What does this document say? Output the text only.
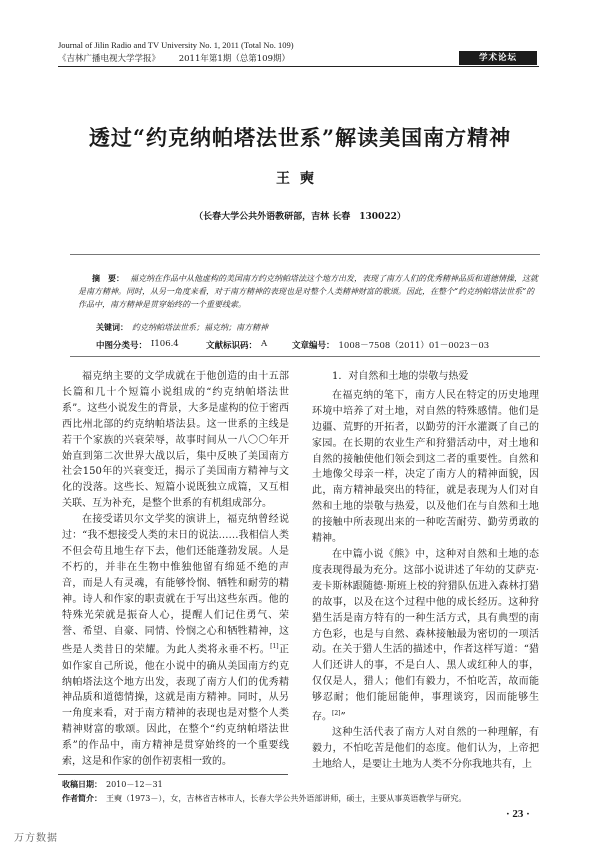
Journal of Jilin Radio and TV University No. 1, 2011 (Total No. 109)
《吉林广播电视大学学报》 2011年第1期（总第109期）	学术论坛
透过“约克纳帕塔法世系”解读美国南方精神
王奭
（长春大学公共外语教研部，吉林 长春　130022）

摘　要： 福克纳在作品中从他虚构的美国南方约克纳帕塔法这个地方出发，表现了南方人们的优秀精神品质和道德情操，这就是南方精神。同时，从另一角度来看，对于南方精神的表现也是对整个人类精神财富的歌颂。因此，在整个“约克纳帕塔法世系”的作品中，南方精神是贯穿始终的一个重要线索。

关键词： 约克纳帕塔法世系；福克纳；南方精神
中图分类号： I106.4	文献标识码： A	文章编号： 1008－7508（2011）01－0023－03

福克纳主要的文学成就在于他创造的由十五部长篇和几十个短篇小说组成的“约克纳帕塔法世系”。这些小说发生的背景，大多是虚构的位于密西西比州北部的约克纳帕塔法县。这一世系的主线是若干个家族的兴衰荣辱，故事时间从一八〇〇年开始直到第二次世界大战以后，集中反映了美国南方社会150年的兴衰变迁，揭示了美国南方精神与文化的没落。这些长、短篇小说既独立成篇，又互相关联、互为补充，是整个世系的有机组成部分。

在接受诺贝尔文学奖的演讲上，福克纳曾经说过：“我不想接受人类的末日的说法……我相信人类不但会苟且地生存下去，他们还能蓬勃发展。人是不朽的，并非在生物中惟独他留有绵延不绝的声音，而是人有灵魂，有能够怜悯、牺牲和耐劳的精神。诗人和作家的职责就在于写出这些东西。他的特殊光荣就是振奋人心，提醒人们记住勇气、荣誉、希望、自豪、同情、怜悯之心和牺牲精神，这些是人类昔日的荣耀。为此人类将永垂不朽。[1]正如作家自己所说，他在小说中的确从美国南方约克纳帕塔法这个地方出发，表现了南方人们的优秀精神品质和道德情操，这就是南方精神。同时，从另一角度来看，对于南方精神的表现也是对整个人类精神财富的歌颂。因此，在整个“约克纳帕塔法世系”的作品中，南方精神是贯穿始终的一个重要线索，这是和作家的创作初衷相一致的。

1．对自然和土地的崇敬与热爱

在福克纳的笔下，南方人民在特定的历史地理环境中培养了对土地，对自然的特殊感情。他们是边疆、荒野的开拓者，以勤劳的汗水灌溉了自己的家园。在长期的农业生产和狩猎活动中，对土地和自然的接触使他们领会到这二者的重要性。自然和土地像父母亲一样，决定了南方人的精神面貌，因此，南方精神最突出的特征，就是表现为人们对自然和土地的崇敬与热爱，以及他们在与自然和土地的接触中所表现出来的一种吃苦耐劳、勤劳勇敢的精神。

在中篇小说《熊》中，这种对自然和土地的态度表现得最为充分。这部小说讲述了年幼的艾萨克·麦卡斯林跟随德·斯班上校的狩猎队伍进入森林打猎的故事，以及在这个过程中他的成长经历。这种狩猎生活是南方特有的一种生活方式，具有典型的南方色彩，也是与自然、森林接触最为密切的一项活动。在关于猎人生活的描述中，作者这样写道：“猎人们还讲人的事，不是白人、黑人或红种人的事，仅仅是人，猎人；他们有毅力，不怕吃苦，故而能够忍耐；他们能屈能伸，事理谈窍，因而能够生存。[2]”

这种生活代表了南方人对自然的一种理解，有毅力，不怕吃苦是他们的态度。他们认为，上帝把土地给人，是要让土地为人类不分你我地共有，上

收稿日期： 2010－12－31
作者简介： 王奭（1973－），女，吉林省吉林市人，长春大学公共外语部讲师，硕士，主要从事英语教学与研究。
· 23 ·
万方数据
